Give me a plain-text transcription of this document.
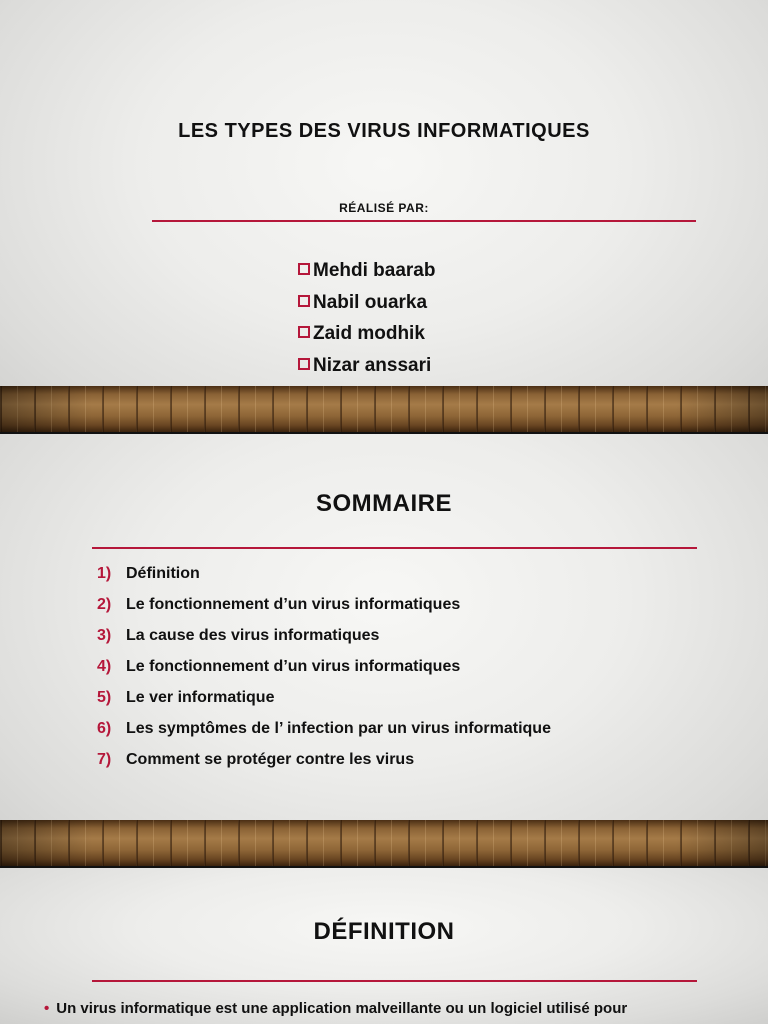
LES TYPES DES VIRUS INFORMATIQUES
RÉALISÉ PAR:
Mehdi baarab
Nabil ouarka
Zaid modhik
Nizar anssari
SOMMAIRE
1) Définition
2) Le fonctionnement d’un virus informatiques
3) La cause des virus informatiques
4) Le fonctionnement d’un virus informatiques
5) Le ver informatique
6) Les symptômes de l’ infection par un virus informatique
7) Comment se protéger contre les virus
DÉFINITION

• Un virus informatique est une application malveillante ou un logiciel utilisé pour
